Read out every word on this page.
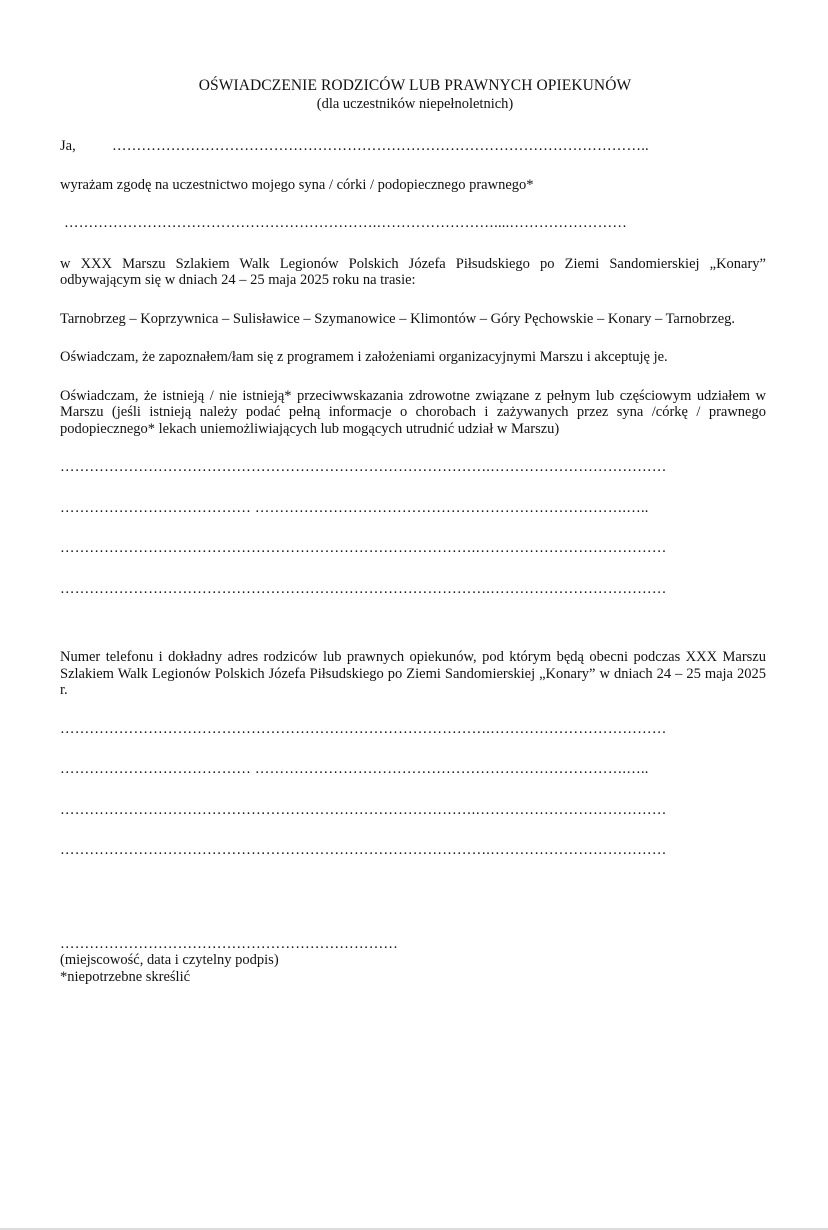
OŚWIADCZENIE RODZICÓW LUB PRAWNYCH OPIEKUNÓW
(dla uczestników niepełnoletnich)
Ja,	………………………………………………………………………………………………..
wyrażam zgodę na uczestnictwo mojego syna / córki / podopiecznego prawnego*
……………………………………………………….……………………....……………………
w XXX Marszu Szlakiem Walk Legionów Polskich Józefa Piłsudskiego po Ziemi Sandomierskiej „Konary” odbywającym się w dniach 24 – 25 maja 2025 roku na trasie:
Tarnobrzeg – Koprzywnica – Sulisławice – Szymanowice – Klimontów – Góry Pęchowskie – Konary – Tarnobrzeg.
Oświadczam, że zapoznałem/łam się z programem i założeniami organizacyjnymi Marszu i akceptuję je.
Oświadczam, że istnieją / nie istnieją* przeciwwskazania zdrowotne związane z pełnym lub częściowym udziałem w Marszu (jeśli istnieją należy podać pełną informacje o chorobach i zażywanych przez syna /córkę / prawnego podopiecznego* lekach uniemożliwiających lub mogących utrudnić udział w Marszu)
…………………………………………………………………………….………………………………
………………………………… ………………………………………………………………….…..
………………………………………………………………………….…………………………………
…………………………………………………………………………….………………………………
Numer telefonu i dokładny adres rodziców lub prawnych opiekunów, pod którym będą obecni podczas XXX Marszu Szlakiem Walk Legionów Polskich Józefa Piłsudskiego po Ziemi Sandomierskiej „Konary” w dniach 24 – 25 maja 2025 r.
…………………………………………………………………………….………………………………
………………………………… ………………………………………………………………….…..
………………………………………………………………………….…………………………………
…………………………………………………………………………….………………………………
……………………………………………………………
(miejscowość, data i czytelny podpis)
*niepotrzebne skreślić
